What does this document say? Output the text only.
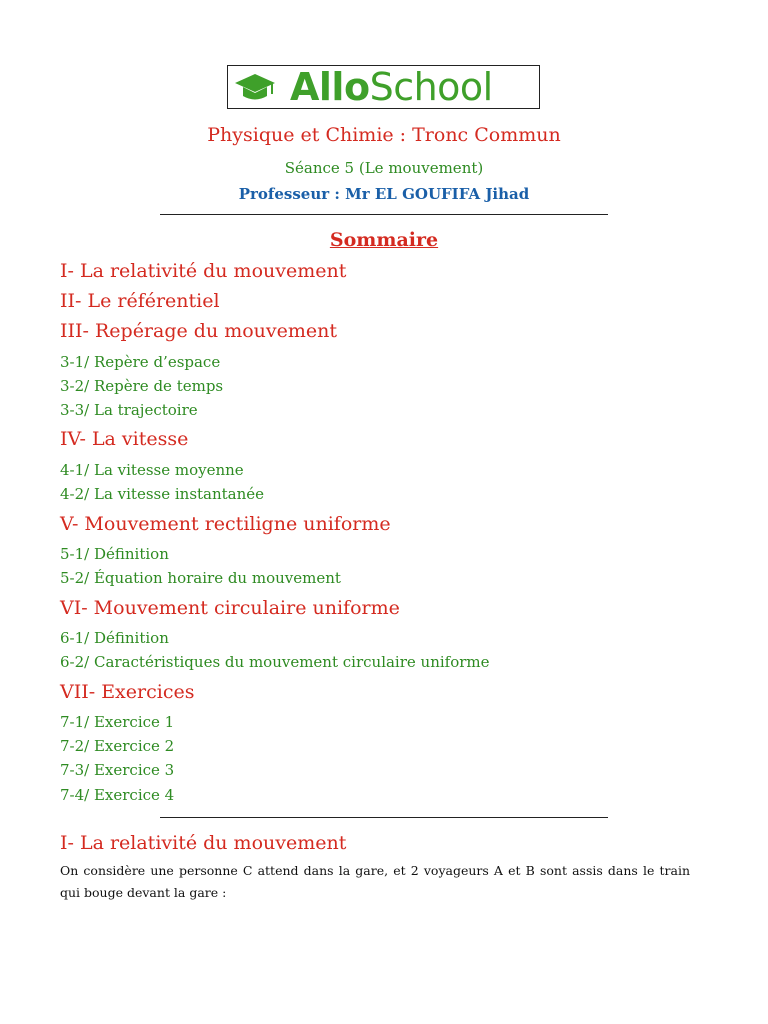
AlloSchool
Physique et Chimie : Tronc Commun
Séance 5 (Le mouvement)
Professeur : Mr EL GOUFIFA Jihad
Sommaire
I- La relativité du mouvement
II- Le référentiel
III- Repérage du mouvement
3-1/ Repère d’espace
3-2/ Repère de temps
3-3/ La trajectoire
IV- La vitesse
4-1/ La vitesse moyenne
4-2/ La vitesse instantanée
V- Mouvement rectiligne uniforme
5-1/ Définition
5-2/ Équation horaire du mouvement
VI- Mouvement circulaire uniforme
6-1/ Définition
6-2/ Caractéristiques du mouvement circulaire uniforme
VII- Exercices
7-1/ Exercice 1
7-2/ Exercice 2
7-3/ Exercice 3
7-4/ Exercice 4
I- La relativité du mouvement
On considère une personne C attend dans la gare, et 2 voyageurs A et B sont assis dans le train qui bouge devant la gare :
